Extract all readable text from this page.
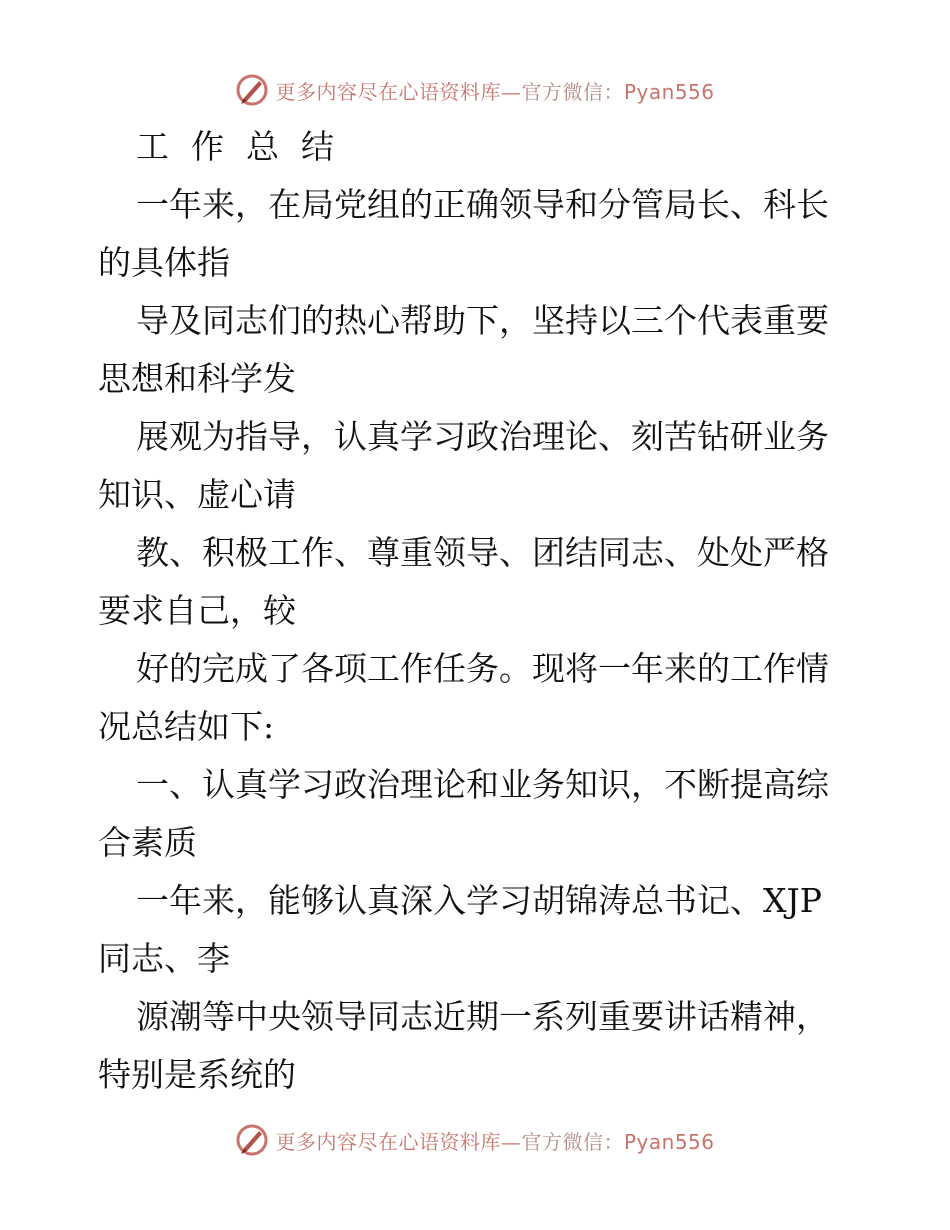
更多内容尽在心语资料库—官方微信：Pyan556
工作总结
一年来，在局党组的正确领导和分管局长、科长
的具体指
导及同志们的热心帮助下，坚持以三个代表重要
思想和科学发
展观为指导，认真学习政治理论、刻苦钻研业务
知识、虚心请
教、积极工作、尊重领导、团结同志、处处严格
要求自己，较
好的完成了各项工作任务。现将一年来的工作情
况总结如下:
一、认真学习政治理论和业务知识，不断提高综
合素质
一年来，能够认真深入学习胡锦涛总书记、XJP
同志、李
源潮等中央领导同志近期一系列重要讲话精神，
特别是系统的
更多内容尽在心语资料库—官方微信：Pyan556
